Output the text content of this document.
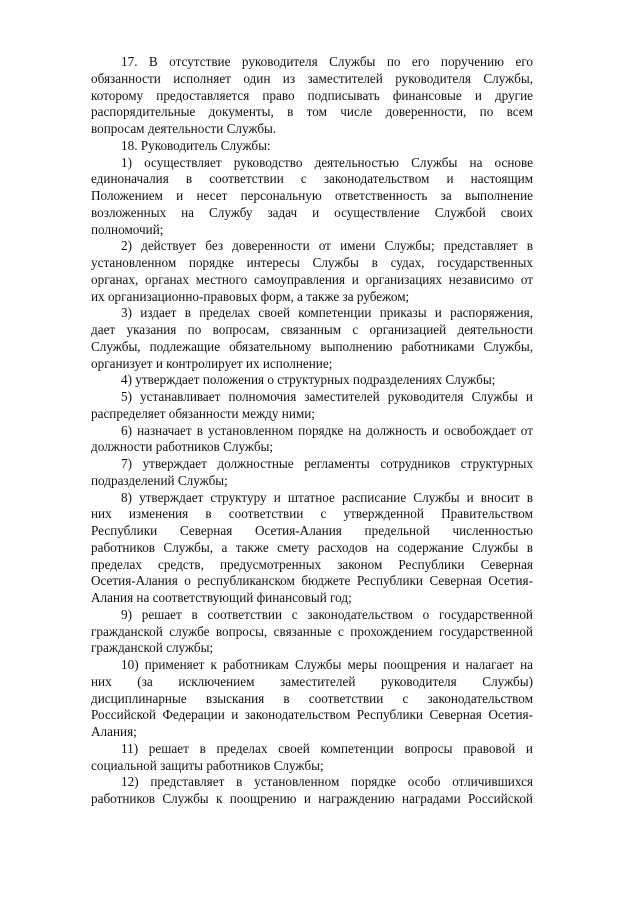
17. В отсутствие руководителя Службы по его поручению его
обязанности исполняет один из заместителей руководителя Службы,
которому предоставляется право подписывать финансовые и другие
распорядительные документы, в том числе доверенности, по всем
вопросам деятельности Службы.
18. Руководитель Службы:
1) осуществляет руководство деятельностью Службы на основе
единоначалия в соответствии с законодательством и настоящим
Положением и несет персональную ответственность за выполнение
возложенных на Службу задач и осуществление Службой своих
полномочий;
2) действует без доверенности от имени Службы; представляет в
установленном порядке интересы Службы в судах, государственных
органах, органах местного самоуправления и организациях независимо от
их организационно-правовых форм, а также за рубежом;
3) издает в пределах своей компетенции приказы и распоряжения,
дает указания по вопросам, связанным с организацией деятельности
Службы, подлежащие обязательному выполнению работниками Службы,
организует и контролирует их исполнение;
4) утверждает положения о структурных подразделениях Службы;
5) устанавливает полномочия заместителей руководителя Службы и
распределяет обязанности между ними;
6) назначает в установленном порядке на должность и освобождает от
должности работников Службы;
7) утверждает должностные регламенты сотрудников структурных
подразделений Службы;
8) утверждает структуру и штатное расписание Службы и вносит в
них изменения в соответствии с утвержденной Правительством
Республики Северная Осетия-Алания предельной численностью
работников Службы, а также смету расходов на содержание Службы в
пределах средств, предусмотренных законом Республики Северная
Осетия-Алания о республиканском бюджете Республики Северная Осетия-
Алания на соответствующий финансовый год;
9) решает в соответствии с законодательством о государственной
гражданской службе вопросы, связанные с прохождением государственной
гражданской службы;
10) применяет к работникам Службы меры поощрения и налагает на
них (за исключением заместителей руководителя Службы)
дисциплинарные взыскания в соответствии с законодательством
Российской Федерации и законодательством Республики Северная Осетия-
Алания;
11) решает в пределах своей компетенции вопросы правовой и
социальной защиты работников Службы;
12) представляет в установленном порядке особо отличившихся
работников Службы к поощрению и награждению наградами Российской
